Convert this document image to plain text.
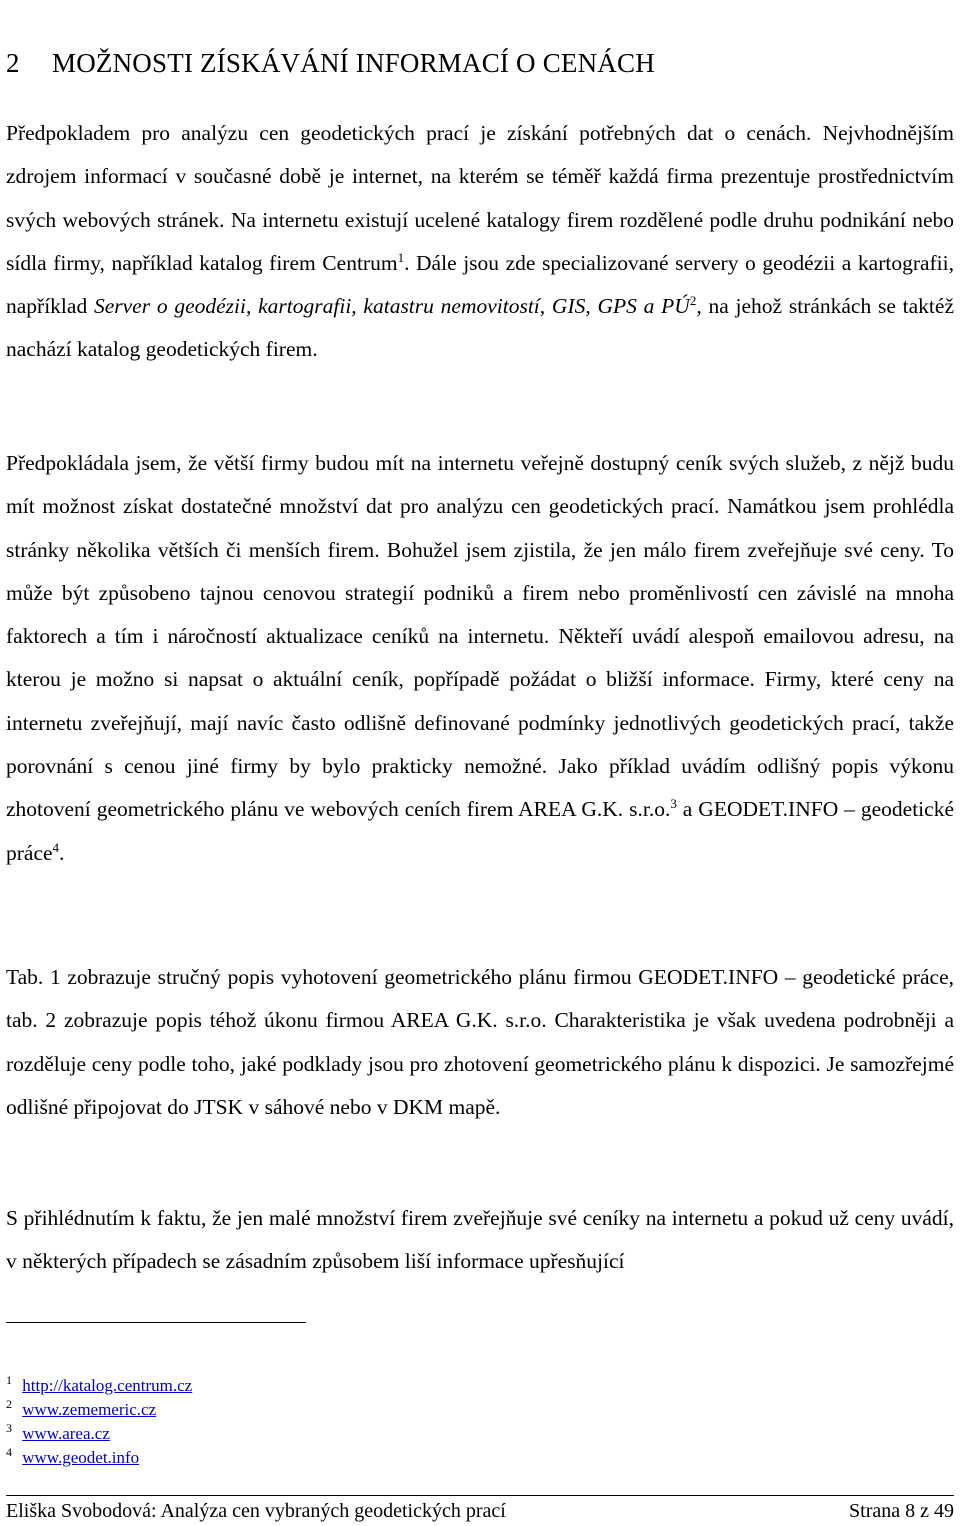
2 MOŽNOSTI ZÍSKÁVÁNÍ INFORMACÍ O CENÁCH

Předpokladem pro analýzu cen geodetických prací je získání potřebných dat o cenách. Nejvhodnějším zdrojem informací v současné době je internet, na kterém se téměř každá firma prezentuje prostřednictvím svých webových stránek. Na internetu existují ucelené katalogy firem rozdělené podle druhu podnikání nebo sídla firmy, například katalog firem Centrum$^1$. Dále jsou zde specializované servery o geodézii a kartografii, například Server o geodézii, kartografii, katastru nemovitostí, GIS, GPS a $PÚ^2$, na jehož stránkách se taktéž nachází katalog geodetických firem.

Předpokládala jsem, že větší firmy budou mít na internetu veřejně dostupný ceník svých služeb, z nějž budu mít možnost získat dostatečné množství dat pro analýzu cen geodetických prací. Namátkou jsem prohlédla stránky několika větších či menších firem. Bohužel jsem zjistila, že jen málo firem zveřejňuje své ceny. To může být způsobeno tajnou cenovou strategií podniků a firem nebo proměnlivostí cen závislé na mnoha faktorech a tím i náročností aktualizace ceníků na internetu. Někteří uvádí alespoň emailovou adresu, na kterou je možno si napsat o aktuální ceník, popřípadě požádat o bližší informace. Firmy, které ceny na internetu zveřejňují, mají navíc často odlišně definované podmínky jednotlivých geodetických prací, takže porovnání s cenou jiné firmy by bylo prakticky nemožné. Jako příklad uvádím odlišný popis výkonu zhotovení geometrického plánu ve webových ceních firem AREA G.K. s.r.o.$^3$ a GEODET.INFO – geodetické práce$^4$.

Tab. 1 zobrazuje stručný popis vyhotovení geometrického plánu firmou GEODET.INFO – geodetické práce, tab. 2 zobrazuje popis téhož úkonu firmou AREA G.K. s.r.o. Charakteristika je však uvedena podrobněji a rozděluje ceny podle toho, jaké podklady jsou pro zhotovení geometrického plánu k dispozici. Je samozřejmé odlišné připojovat do JTSK v sáhové nebo v DKM mapě.

S přihlédnutím k faktu, že jen malé množství firem zveřejňuje své ceníky na internetu a pokud už ceny uvádí, v některých případech se zásadním způsobem liší informace upřesňující

$^1$ http://katalog.centrum.cz
$^2$ www.zememeric.cz
$^3$ www.area.cz
$^4$ www.geodet.info
Eliška Svobodová: Analýza cen vybraných geodetických prací	Strana 8 z 49
